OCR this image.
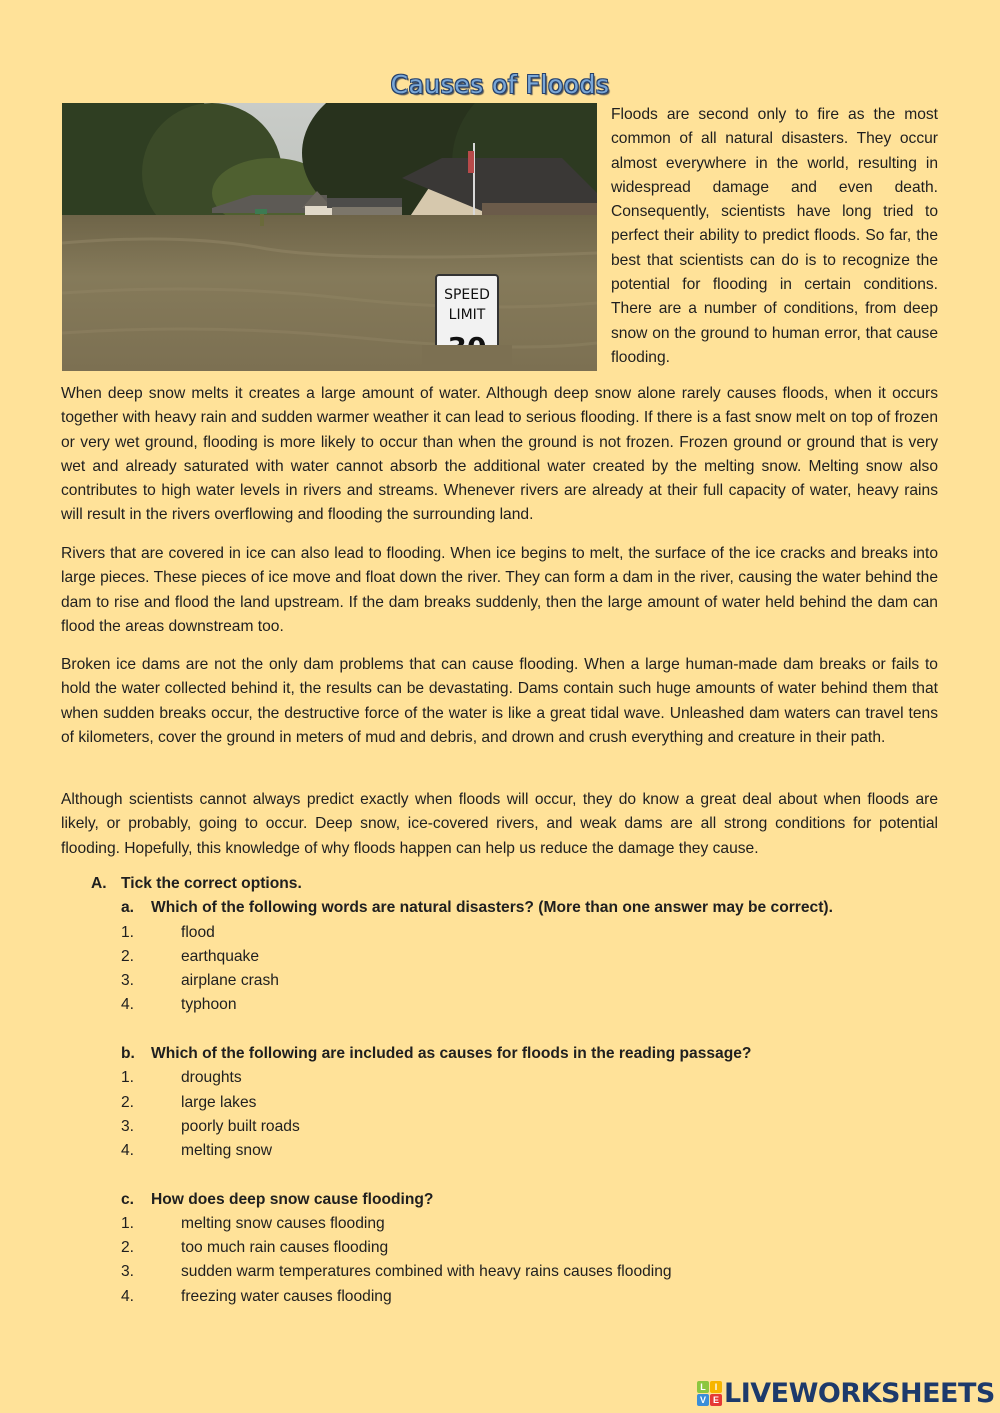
Causes of Floods
SPEED
LIMIT
Floods are second only to fire as the most common of all natural disasters. They occur almost everywhere in the world, resulting in widespread damage and even death. Consequently, scientists have long tried to perfect their ability to predict floods. So far, the best that scientists can do is to recognize the potential for flooding in certain conditions. There are a number of conditions, from deep snow on the ground to human error, that cause flooding.
When deep snow melts it creates a large amount of water. Although deep snow alone rarely causes floods, when it occurs together with heavy rain and sudden warmer weather it can lead to serious flooding. If there is a fast snow melt on top of frozen or very wet ground, flooding is more likely to occur than when the ground is not frozen. Frozen ground or ground that is very wet and already saturated with water cannot absorb the additional water created by the melting snow. Melting snow also contributes to high water levels in rivers and streams. Whenever rivers are already at their full capacity of water, heavy rains will result in the rivers overflowing and flooding the surrounding land.
Rivers that are covered in ice can also lead to flooding. When ice begins to melt, the surface of the ice cracks and breaks into large pieces. These pieces of ice move and float down the river. They can form a dam in the river, causing the water behind the dam to rise and flood the land upstream. If the dam breaks suddenly, then the large amount of water held behind the dam can flood the areas downstream too.
Broken ice dams are not the only dam problems that can cause flooding. When a large human-made dam breaks or fails to hold the water collected behind it, the results can be devastating. Dams contain such huge amounts of water behind them that when sudden breaks occur, the destructive force of the water is like a great tidal wave. Unleashed dam waters can travel tens of kilometers, cover the ground in meters of mud and debris, and drown and crush everything and creature in their path.
Although scientists cannot always predict exactly when floods will occur, they do know a great deal about when floods are likely, or probably, going to occur. Deep snow, ice-covered rivers, and weak dams are all strong conditions for potential flooding. Hopefully, this knowledge of why floods happen can help us reduce the damage they cause.
A. Tick the correct options.
a. Which of the following words are natural disasters? (More than one answer may be correct).
1.	flood
2.	earthquake
3.	airplane crash
4.	typhoon
b. Which of the following are included as causes for floods in the reading passage?
1.	droughts
2.	large lakes
3.	poorly built roads
4.	melting snow
c. How does deep snow cause flooding?
1.	melting snow causes flooding
2.	too much rain causes flooding
3.	sudden warm temperatures combined with heavy rains causes flooding
4.	freezing water causes flooding
L I
V E LIVEWORKSHEETS
